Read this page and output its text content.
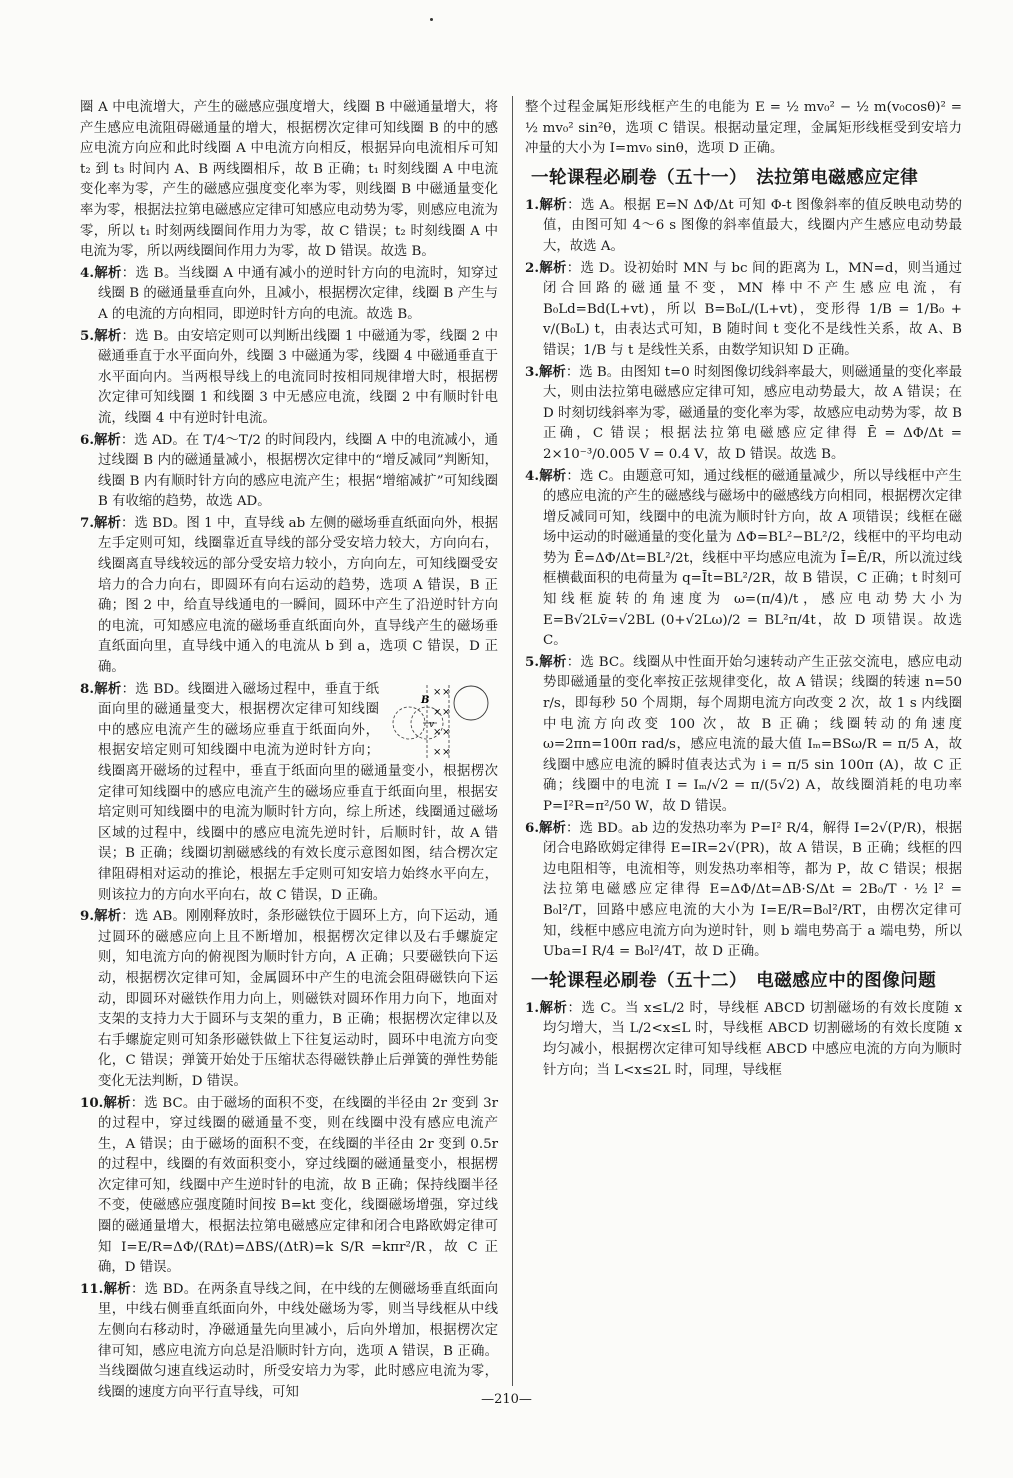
圈 A 中电流增大，产生的磁感应强度增大，线圈 B 中磁通量增大，将产生感应电流阻碍磁通量的增大，根据楞次定律可知线圈 B 的中的感应电流方向应和此时线圈 A 中电流方向相反，根据异向电流相斥可知 t₂ 到 t₃ 时间内 A、B 两线圈相斥，故 B 正确；t₁ 时刻线圈 A 中电流变化率为零，产生的磁感应强度变化率为零，则线圈 B 中磁通量变化率为零，根据法拉第电磁感应定律可知感应电动势为零，则感应电流为零，所以 t₁ 时刻两线圈间作用力为零，故 C 错误；t₂ 时刻线圈 A 中电流为零，所以两线圈间作用力为零，故 D 错误。故选 B。

4.解析：选 B。当线圈 A 中通有减小的逆时针方向的电流时，知穿过线圈 B 的磁通量垂直向外，且减小，根据楞次定律，线圈 B 产生与 A 的电流的方向相同，即逆时针方向的电流。故选 B。

5.解析：选 B。由安培定则可以判断出线圈 1 中磁通为零，线圈 2 中磁通垂直于水平面向外，线圈 3 中磁通为零，线圈 4 中磁通垂直于水平面向内。当两根导线上的电流同时按相同规律增大时，根据楞次定律可知线圈 1 和线圈 3 中无感应电流，线圈 2 中有顺时针电流，线圈 4 中有逆时针电流。

6.解析：选 AD。在 T/4～T/2 的时间段内，线圈 A 中的电流减小，通过线圈 B 内的磁通量减小，根据楞次定律中的“增反减同”判断知，线圈 B 内有顺时针方向的感应电流产生；根据“增缩减扩”可知线圈 B 有收缩的趋势，故选 AD。

7.解析：选 BD。图 1 中，直导线 ab 左侧的磁场垂直纸面向外，根据左手定则可知，线圈靠近直导线的部分受安培力较大，方向向右，线圈离直导线较远的部分受安培力较小，方向向左，可知线圈受安培力的合力向右，即圆环有向右运动的趋势，选项 A 错误，B 正确；图 2 中，给直导线通电的一瞬间，圆环中产生了沿逆时针方向的电流，可知感应电流的磁场垂直纸面向外，直导线产生的磁场垂直纸面向里，直导线中通入的电流从 b 到 a，选项 C 错误，D 正确。

× ×
× ×
× ×
× ×
B
v
8.解析：选 BD。线圈进入磁场过程中，垂直于纸面向里的磁通量变大，根据楞次定律可知线圈中的感应电流产生的磁场应垂直于纸面向外，根据安培定则可知线圈中电流为逆时针方向；线圈离开磁场的过程中，垂直于纸面向里的磁通量变小，根据楞次定律可知线圈中的感应电流产生的磁场应垂直于纸面向里，根据安培定则可知线圈中的电流为顺时针方向，综上所述，线圈通过磁场区域的过程中，线圈中的感应电流先逆时针，后顺时针，故 A 错误；B 正确；线圈切割磁感线的有效长度示意图如图，结合楞次定律阻碍相对运动的推论，根据左手定则可知安培力始终水平向左，则该拉力的方向水平向右，故 C 错误，D 正确。

9.解析：选 AB。刚刚释放时，条形磁铁位于圆环上方，向下运动，通过圆环的磁感应向上且不断增加，根据楞次定律以及右手螺旋定则，知电流方向的俯视图为顺时针方向，A 正确；只要磁铁向下运动，根据楞次定律可知，金属圆环中产生的电流会阻碍磁铁向下运动，即圆环对磁铁作用力向上，则磁铁对圆环作用力向下，地面对支架的支持力大于圆环与支架的重力，B 正确；根据楞次定律以及右手螺旋定则可知条形磁铁做上下往复运动时，圆环中电流方向变化，C 错误；弹簧开始处于压缩状态得磁铁静止后弹簧的弹性势能变化无法判断，D 错误。

10.解析：选 BC。由于磁场的面积不变，在线圈的半径由 2r 变到 3r 的过程中，穿过线圈的磁通量不变，则在线圈中没有感应电流产生，A 错误；由于磁场的面积不变，在线圈的半径由 2r 变到 0.5r 的过程中，线圈的有效面积变小，穿过线圈的磁通量变小，根据楞次定律可知，线圈中产生逆时针的电流，故 B 正确；保持线圈半径不变，使磁感应强度随时间按 B=kt 变化，线圈磁场增强，穿过线圈的磁通量增大，根据法拉第电磁感应定律和闭合电路欧姆定律可知 I=E/R=ΔΦ/(RΔt)=ΔBS/(ΔtR)=k S/R =kπr²/R，故 C 正确，D 错误。

11.解析：选 BD。在两条直导线之间，在中线的左侧磁场垂直纸面向里，中线右侧垂直纸面向外，中线处磁场为零，则当导线框从中线左侧向右移动时，净磁通量先向里减小，后向外增加，根据楞次定律可知，感应电流方向总是沿顺时针方向，选项 A 错误，B 正确。当线圈做匀速直线运动时，所受安培力为零，此时感应电流为零，线圈的速度方向平行直导线，可知

整个过程金属矩形线框产生的电能为 E = ½ mv₀² − ½ m(v₀cosθ)² = ½ mv₀² sin²θ，选项 C 错误。根据动量定理，金属矩形线框受到安培力冲量的大小为 I=mv₀ sinθ，选项 D 正确。

一轮课程必刷卷（五十一）　法拉第电磁感应定律

1.解析：选 A。根据 E=N ΔΦ/Δt 可知 Φ-t 图像斜率的值反映电动势的值，由图可知 4～6 s 图像的斜率值最大，线圈内产生感应电动势最大，故选 A。

2.解析：选 D。设初始时 MN 与 bc 间的距离为 L，MN=d，则当通过闭合回路的磁通量不变，MN 棒中不产生感应电流，有 B₀Ld=Bd(L+vt)，所以 B=B₀L/(L+vt)，变形得 1/B = 1/B₀ + v/(B₀L) t，由表达式可知，B 随时间 t 变化不是线性关系，故 A、B 错误；1/B 与 t 是线性关系，由数学知识知 D 正确。

3.解析：选 B。由图知 t=0 时刻图像切线斜率最大，则磁通量的变化率最大，则由法拉第电磁感应定律可知，感应电动势最大，故 A 错误；在 D 时刻切线斜率为零，磁通量的变化率为零，故感应电动势为零，故 B 正确，C 错误；根据法拉第电磁感应定律得 Ē = ΔΦ/Δt = 2×10⁻³/0.005 V = 0.4 V，故 D 错误。故选 B。

4.解析：选 C。由题意可知，通过线框的磁通量减少，所以导线框中产生的感应电流的产生的磁感线与磁场中的磁感线方向相同，根据楞次定律增反减同可知，线圈中的电流为顺时针方向，故 A 项错误；线框在磁场中运动的时磁通量的变化量为 ΔΦ=BL²−BL²/2，线框中的平均电动势为 Ē=ΔΦ/Δt=BL²/2t，线框中平均感应电流为 Ī=Ē/R，所以流过线框横截面积的电荷量为 q=Īt=BL²/2R，故 B 错误，C 正确；t 时刻可知线框旋转的角速度为 ω=(π/4)/t，感应电动势大小为 E=B√2Lv̄=√2BL (0+√2Lω)/2 = BL²π/4t，故 D 项错误。故选 C。

5.解析：选 BC。线圈从中性面开始匀速转动产生正弦交流电，感应电动势即磁通量的变化率按正弦规律变化，故 A 错误；线圈的转速 n=50 r/s，即每秒 50 个周期，每个周期电流方向改变 2 次，故 1 s 内线圈中电流方向改变 100 次，故 B 正确；线圈转动的角速度 ω=2πn=100π rad/s，感应电流的最大值 Iₘ=BSω/R = π/5 A，故线圈中感应电流的瞬时值表达式为 i = π/5 sin 100π (A)，故 C 正确；线圈中的电流 I = Iₘ/√2 = π/(5√2) A，故线圈消耗的电功率 P=I²R=π²/50 W，故 D 错误。

6.解析：选 BD。ab 边的发热功率为 P=I² R/4，解得 I=2√(P/R)，根据闭合电路欧姆定律得 E=IR=2√(PR)，故 A 错误，B 正确；线框的四边电阻相等，电流相等，则发热功率相等，都为 P，故 C 错误；根据法拉第电磁感应定律得 E=ΔΦ/Δt=ΔB·S/Δt = 2B₀/T · ½ l² = B₀l²/T，回路中感应电流的大小为 I=E/R=B₀l²/RT，由楞次定律可知，线框中感应电流方向为逆时针，则 b 端电势高于 a 端电势，所以 Uba=I R/4 = B₀l²/4T，故 D 正确。

一轮课程必刷卷（五十二）　电磁感应中的图像问题

1.解析：选 C。当 x≤L/2 时，导线框 ABCD 切割磁场的有效长度随 x 均匀增大，当 L/2<x≤L 时，导线框 ABCD 切割磁场的有效长度随 x 均匀减小，根据楞次定律可知导线框 ABCD 中感应电流的方向为顺时针方向；当 L<x≤2L 时，同理，导线框

—210—
